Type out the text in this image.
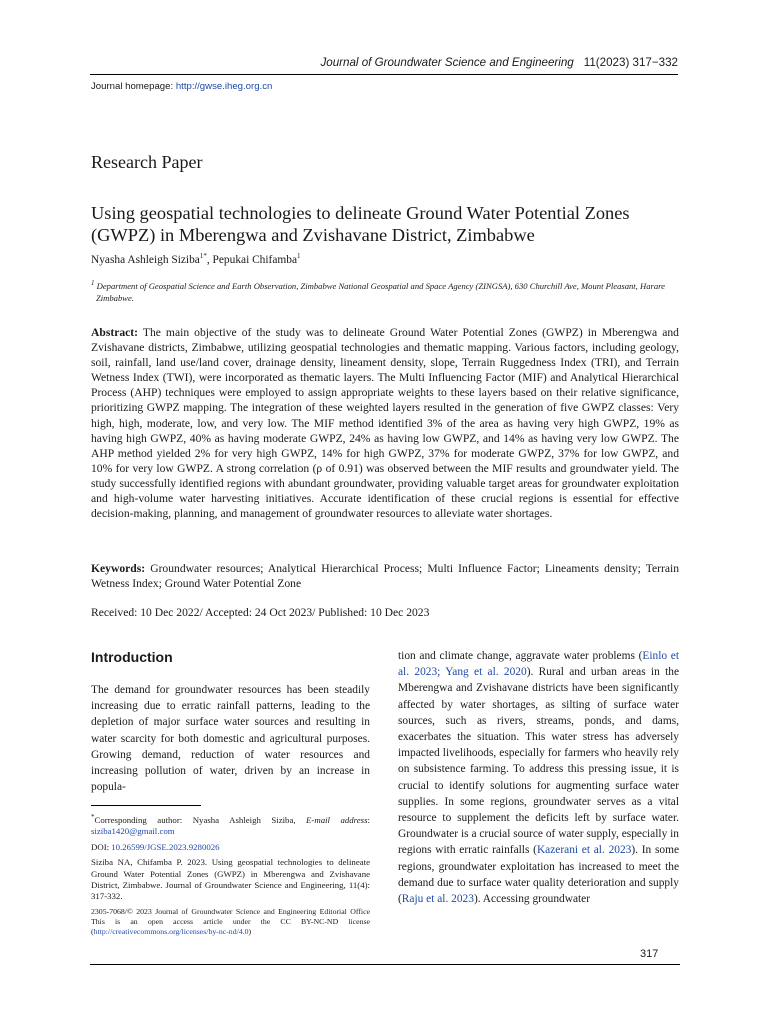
Journal of Groundwater Science and Engineering 11(2023) 317−332
Journal homepage: http://gwse.iheg.org.cn
Research Paper
Using geospatial technologies to delineate Ground Water Potential Zones (GWPZ) in Mberengwa and Zvishavane District, Zimbabwe
Nyasha Ashleigh Siziba$^{1*}$, Pepukai Chifamba$^1$
$^1$ Department of Geospatial Science and Earth Observation, Zimbabwe National Geospatial and Space Agency (ZINGSA), 630 Churchill Ave, Mount Pleasant, Harare Zimbabwe.
Abstract: The main objective of the study was to delineate Ground Water Potential Zones (GWPZ) in Mberengwa and Zvishavane districts, Zimbabwe, utilizing geospatial technologies and thematic mapping. Various factors, including geology, soil, rainfall, land use/land cover, drainage density, lineament density, slope, Terrain Ruggedness Index (TRI), and Terrain Wetness Index (TWI), were incorporated as thematic layers. The Multi Influencing Factor (MIF) and Analytical Hierarchical Process (AHP) techniques were employed to assign appropriate weights to these layers based on their relative significance, prioritizing GWPZ mapping. The integration of these weighted layers resulted in the generation of five GWPZ classes: Very high, high, moderate, low, and very low. The MIF method identified 3% of the area as having very high GWPZ, 19% as having high GWPZ, 40% as having moderate GWPZ, 24% as having low GWPZ, and 14% as having very low GWPZ. The AHP method yielded 2% for very high GWPZ, 14% for high GWPZ, 37% for moderate GWPZ, 37% for low GWPZ, and 10% for very low GWPZ. A strong correlation (ρ of 0.91) was observed between the MIF results and groundwater yield. The study successfully identified regions with abundant groundwater, providing valuable target areas for groundwater exploitation and high-volume water harvesting initiatives. Accurate identification of these crucial regions is essential for effective decision-making, planning, and management of groundwater resources to alleviate water shortages.
Keywords: Groundwater resources; Analytical Hierarchical Process; Multi Influence Factor; Lineaments density; Terrain Wetness Index; Ground Water Potential Zone
Received: 10 Dec 2022/ Accepted: 24 Oct 2023/ Published: 10 Dec 2023
Introduction
The demand for groundwater resources has been steadily increasing due to erratic rainfall patterns, leading to the depletion of major surface water sources and resulting in water scarcity for both domestic and agricultural purposes. Growing demand, reduction of water resources and increasing pollution of water, driven by an increase in popula-
tion and climate change, aggravate water problems (Einlo et al. 2023; Yang et al. 2020). Rural and urban areas in the Mberengwa and Zvishavane districts have been significantly affected by water shortages, as silting of surface water sources, such as rivers, streams, ponds, and dams, exacerbates the situation. This water stress has adversely impacted livelihoods, especially for farmers who heavily rely on subsistence farming. To address this pressing issue, it is crucial to identify solutions for augmenting surface water supplies. In some regions, groundwater serves as a vital resource to supplement the deficits left by surface water. Groundwater is a crucial source of water supply, especially in regions with erratic rainfalls (Kazerani et al. 2023). In some regions, groundwater exploitation has increased to meet the demand due to surface water quality deterioration and supply (Raju et al. 2023). Accessing groundwater

*Corresponding author: Nyasha Ashleigh Siziba, E-mail address: siziba1420@gmail.com

DOI: 10.26599/JGSE.2023.9280026

Siziba NA, Chifamba P. 2023. Using geospatial technologies to delineate Ground Water Potential Zones (GWPZ) in Mberengwa and Zvishavane District, Zimbabwe. Journal of Groundwater Science and Engineering, 11(4): 317-332.

2305-7068/© 2023 Journal of Groundwater Science and Engineering Editorial Office This is an open access article under the CC BY-NC-ND license (http://creativecommons.org/licenses/by-nc-nd/4.0)

317
